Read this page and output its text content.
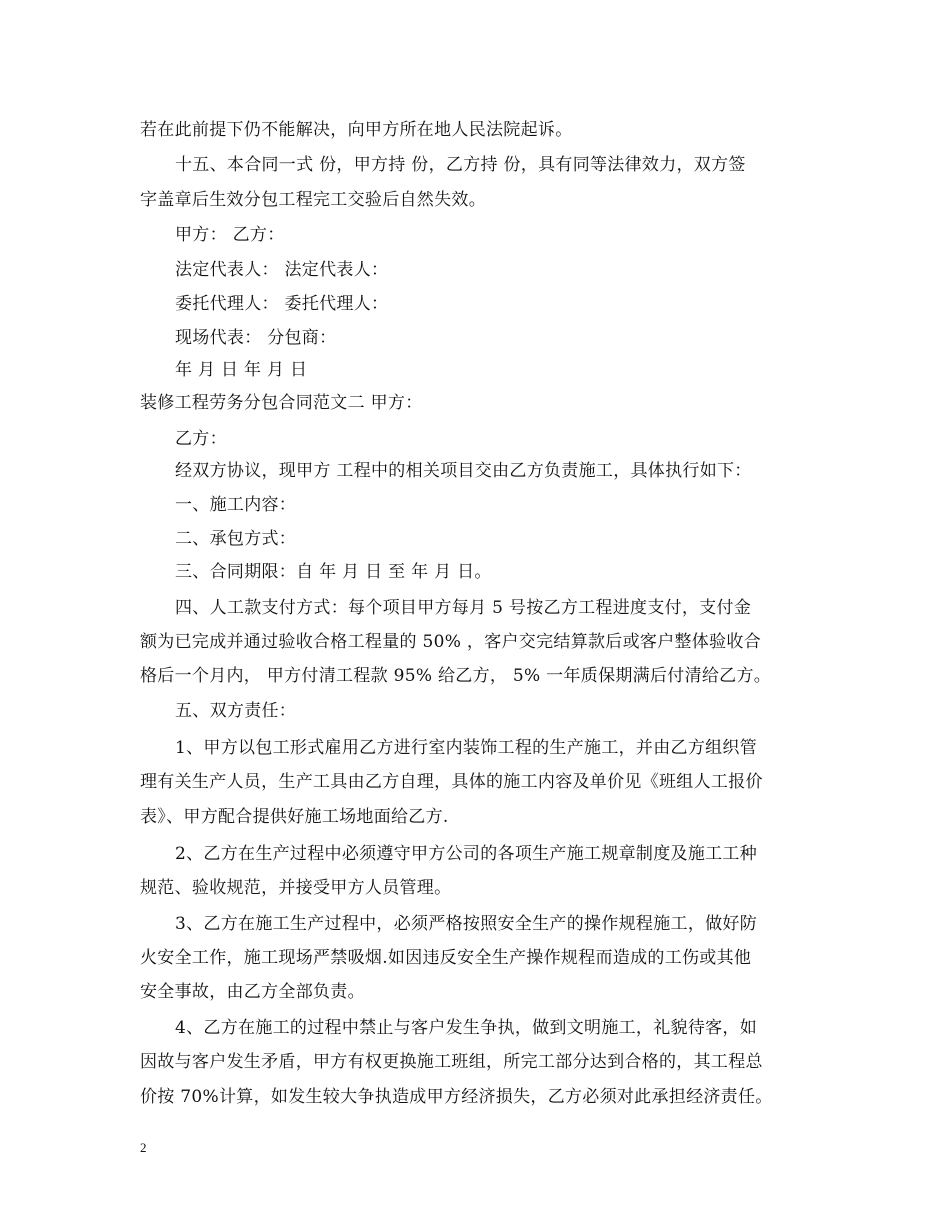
若在此前提下仍不能解决，向甲方所在地人民法院起诉。
十五、本合同一式 份，甲方持 份，乙方持 份，具有同等法律效力，双方签
字盖章后生效分包工程完工交验后自然失效。
甲方： 乙方：
法定代表人： 法定代表人：
委托代理人： 委托代理人：
现场代表： 分包商：
年 月 日 年 月 日
装修工程劳务分包合同范文二 甲方：
乙方：
经双方协议，现甲方 工程中的相关项目交由乙方负责施工，具体执行如下：
一、施工内容：
二、承包方式：
三、合同期限：自 年 月 日 至 年 月 日。
四、人工款支付方式：每个项目甲方每月 5 号按乙方工程进度支付，支付金
额为已完成并通过验收合格工程量的 50% ，客户交完结算款后或客户整体验收合
格后一个月内， 甲方付清工程款 95% 给乙方， 5% 一年质保期满后付清给乙方。
五、双方责任：
1、甲方以包工形式雇用乙方进行室内装饰工程的生产施工，并由乙方组织管
理有关生产人员，生产工具由乙方自理，具体的施工内容及单价见《班组人工报价
表》、甲方配合提供好施工场地面给乙方.
2、乙方在生产过程中必须遵守甲方公司的各项生产施工规章制度及施工工种
规范、验收规范，并接受甲方人员管理。
3、乙方在施工生产过程中，必须严格按照安全生产的操作规程施工，做好防
火安全工作，施工现场严禁吸烟.如因违反安全生产操作规程而造成的工伤或其他
安全事故，由乙方全部负责。
4、乙方在施工的过程中禁止与客户发生争执，做到文明施工，礼貌待客，如
因故与客户发生矛盾，甲方有权更换施工班组，所完工部分达到合格的，其工程总
价按 70%计算，如发生较大争执造成甲方经济损失，乙方必须对此承担经济责任。
2
